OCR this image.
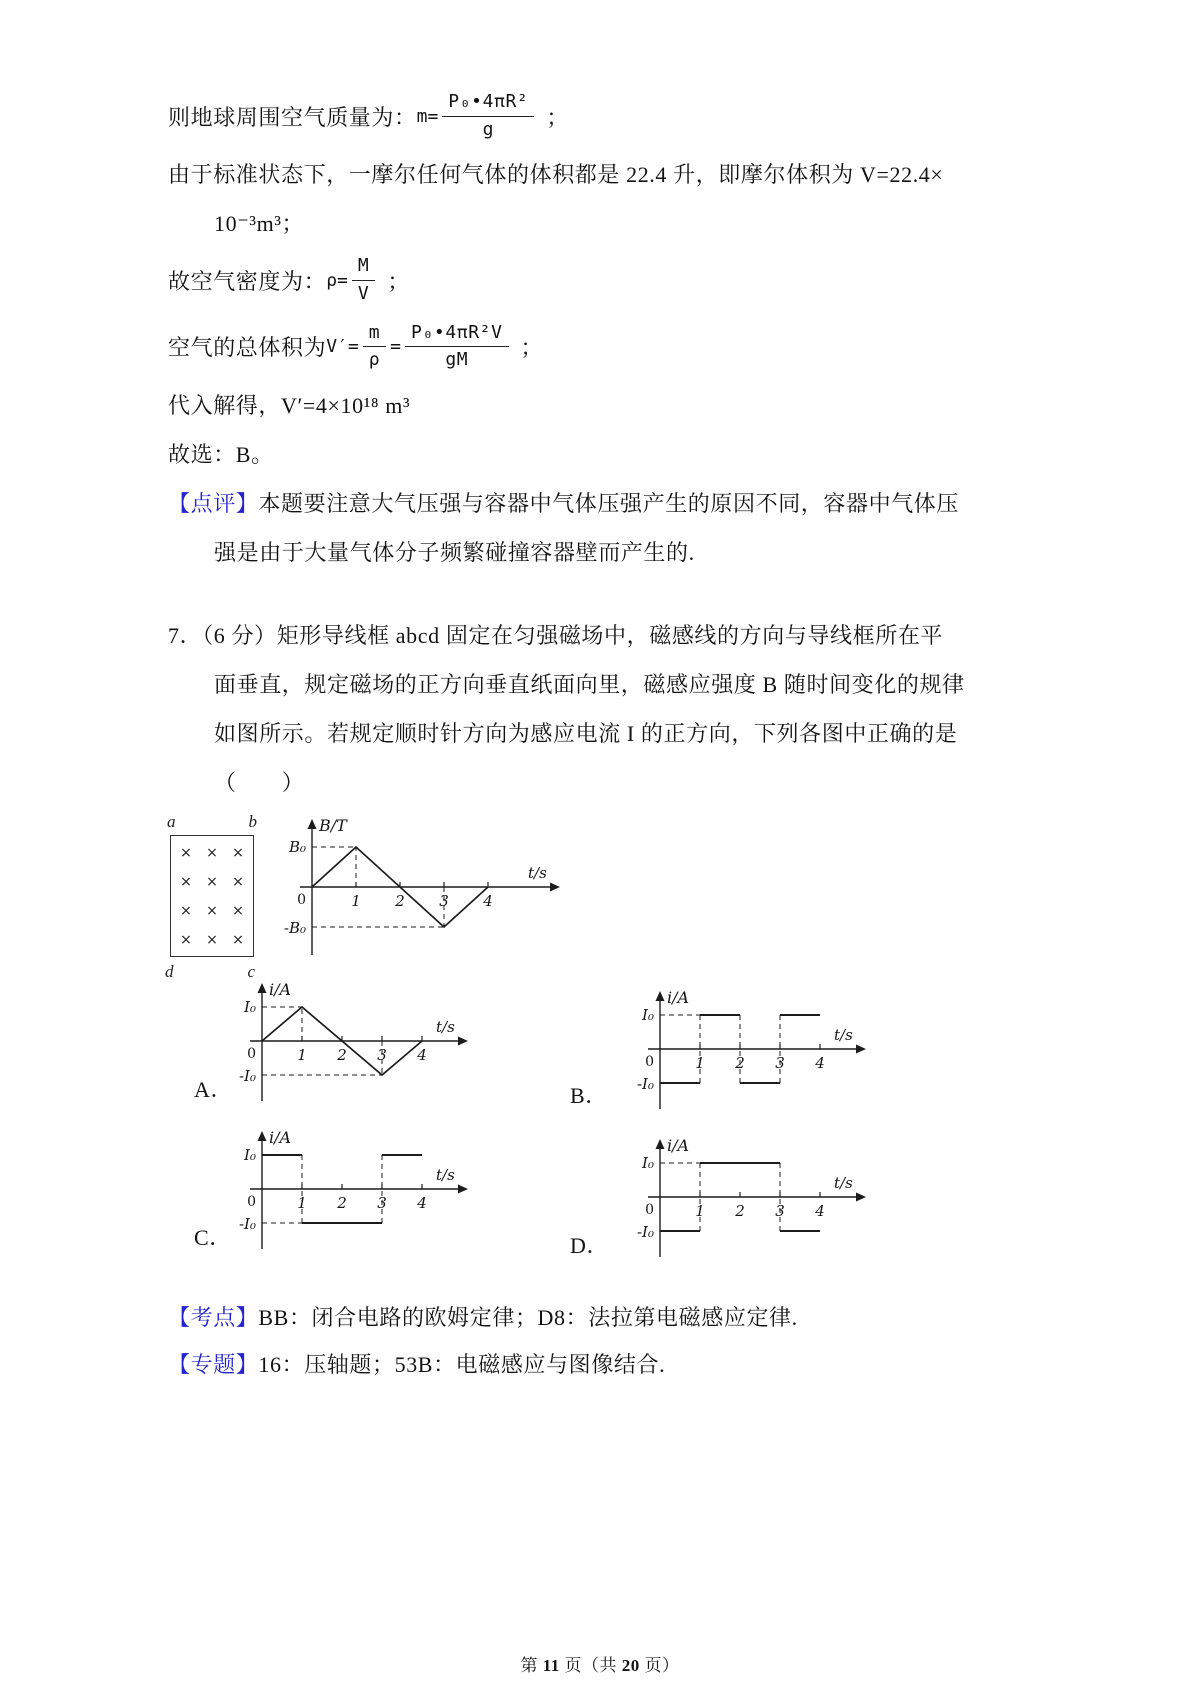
则地球周围空气质量为： $m= \frac{\text{P₀•4πR²}}{g}$ ；

由于标准状态下，一摩尔任何气体的体积都是 22.4 升，即摩尔体积为 V=22.4×

10⁻³m³；

故空气密度为： $\rho= \frac{M}{V}$ ；
空气的总体积为 $V' = \frac{m}{\rho} = \frac{\text{P₀•4πR²V}}{gM}$ ；

代入解得，V′=4×10¹⁸ m³

故选：B。

【点评】本题要注意大气压强与容器中气体压强产生的原因不同，容器中气体压

强是由于大量气体分子频繁碰撞容器壁而产生的.

7．（6 分）矩形导线框 abcd 固定在匀强磁场中，磁感线的方向与导线框所在平

面垂直，规定磁场的正方向垂直纸面向里，磁感应强度 B 随时间变化的规律

如图所示。若规定顺时针方向为感应电流 I 的正方向，下列各图中正确的是

（　　）

a	b
d	c
× × ×
× × ×
× × ×
× × ×
1 2 3 4
B/T
t/s
B₀
-B₀
0
A．
1 2 3 4
i/A
t/s
I₀
-I₀
0
B．
1 2 3 4
i/A
t/s
I₀
-I₀
0
C．
1 2 3 4
i/A
t/s
I₀
-I₀
0
D．
1 2 3 4
i/A
t/s
I₀
-I₀
0

【考点】BB：闭合电路的欧姆定律；D8：法拉第电磁感应定律.

【专题】16：压轴题；53B：电磁感应与图像结合.

第 11 页（共 20 页）
